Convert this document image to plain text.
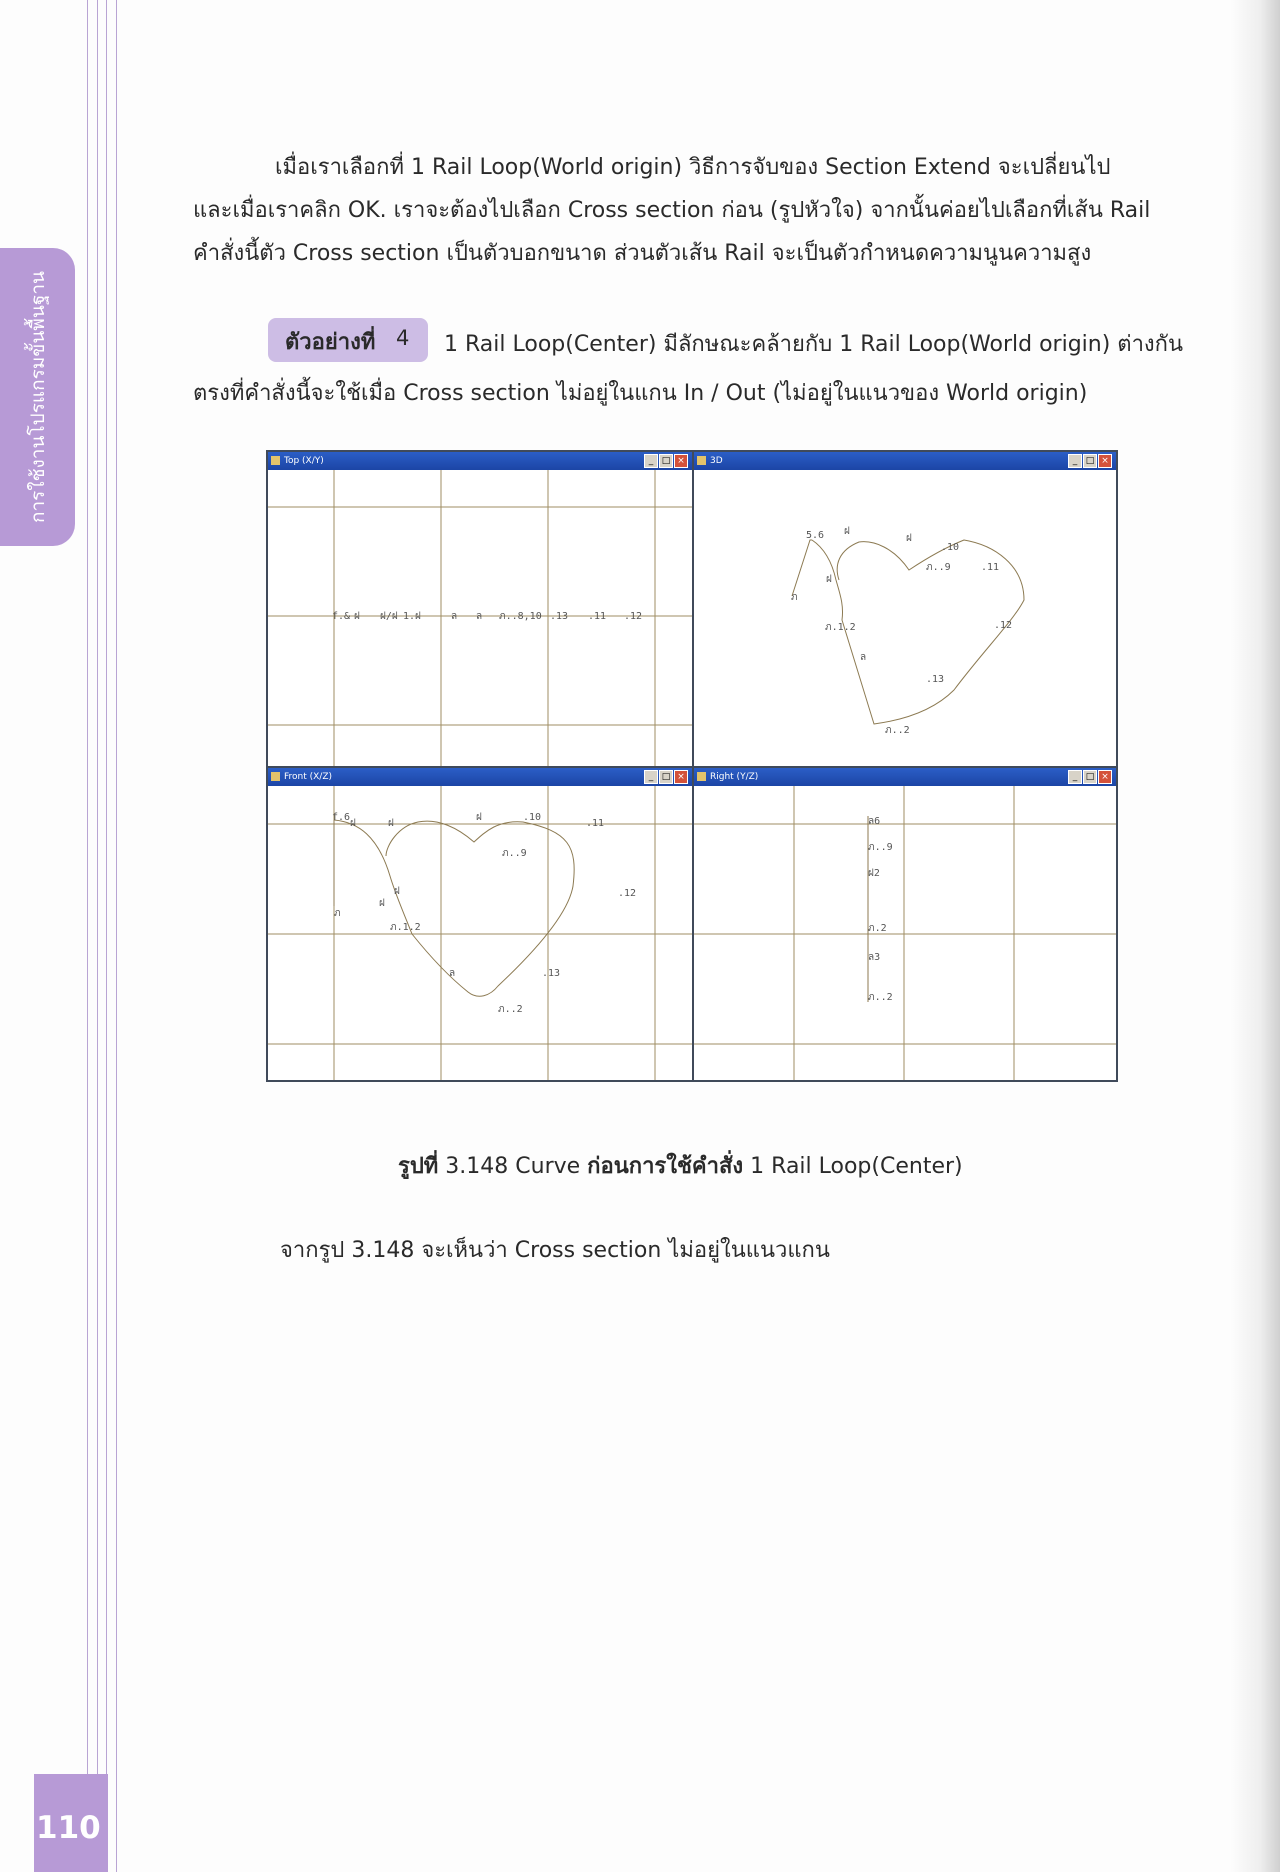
การใช้งานโปรแกรมขั้นพื้นฐาน
110

เมื่อเราเลือกที่ 1 Rail Loop(World origin) วิธีการจับของ Section Extend จะเปลี่ยนไป

และเมื่อเราคลิก OK. เราจะต้องไปเลือก Cross section ก่อน (รูปหัวใจ) จากนั้นค่อยไปเลือกที่เส้น Rail

คำสั่งนี้ตัว Cross section เป็นตัวบอกขนาด ส่วนตัวเส้น Rail จะเป็นตัวกำหนดความนูนความสูง

ตัวอย่างที่ 4 1 Rail Loop(Center) มีลักษณะคล้ายกับ 1 Rail Loop(World origin) ต่างกัน
ตรงที่คำสั่งนี้จะใช้เมื่อ Cross section ไม่อยู่ในแกน In / Out (ไม่อยู่ในแนวของ World origin)
Top (X/Y)	_ □ ×
f.& ฝ ฝ/ฝ 1.ฝ	ล ล ภ..8,10 .13 .11 .12
3D	_ □ ×
5.6
ฝ
ภ
ฝ
ฝ
.10
ภ..9	.11
.12
.13
ภ..2
ล
ภ.1.2
Front (X/Z)	_ □ ×
f.6
ฝ	ฝ
ฝ	.10
.11
ภ..9
.12
ฝ
ฝ
ภ
ภ.1.2
ล	.13
ภ..2
Right (Y/Z)	_ □ ×
ล6
ภ..9
ฝ2
ภ.2
ล3
ภ..2
รูปที่ 3.148 Curve ก่อนการใช้คำสั่ง 1 Rail Loop(Center)

จากรูป 3.148 จะเห็นว่า Cross section ไม่อยู่ในแนวแกน
